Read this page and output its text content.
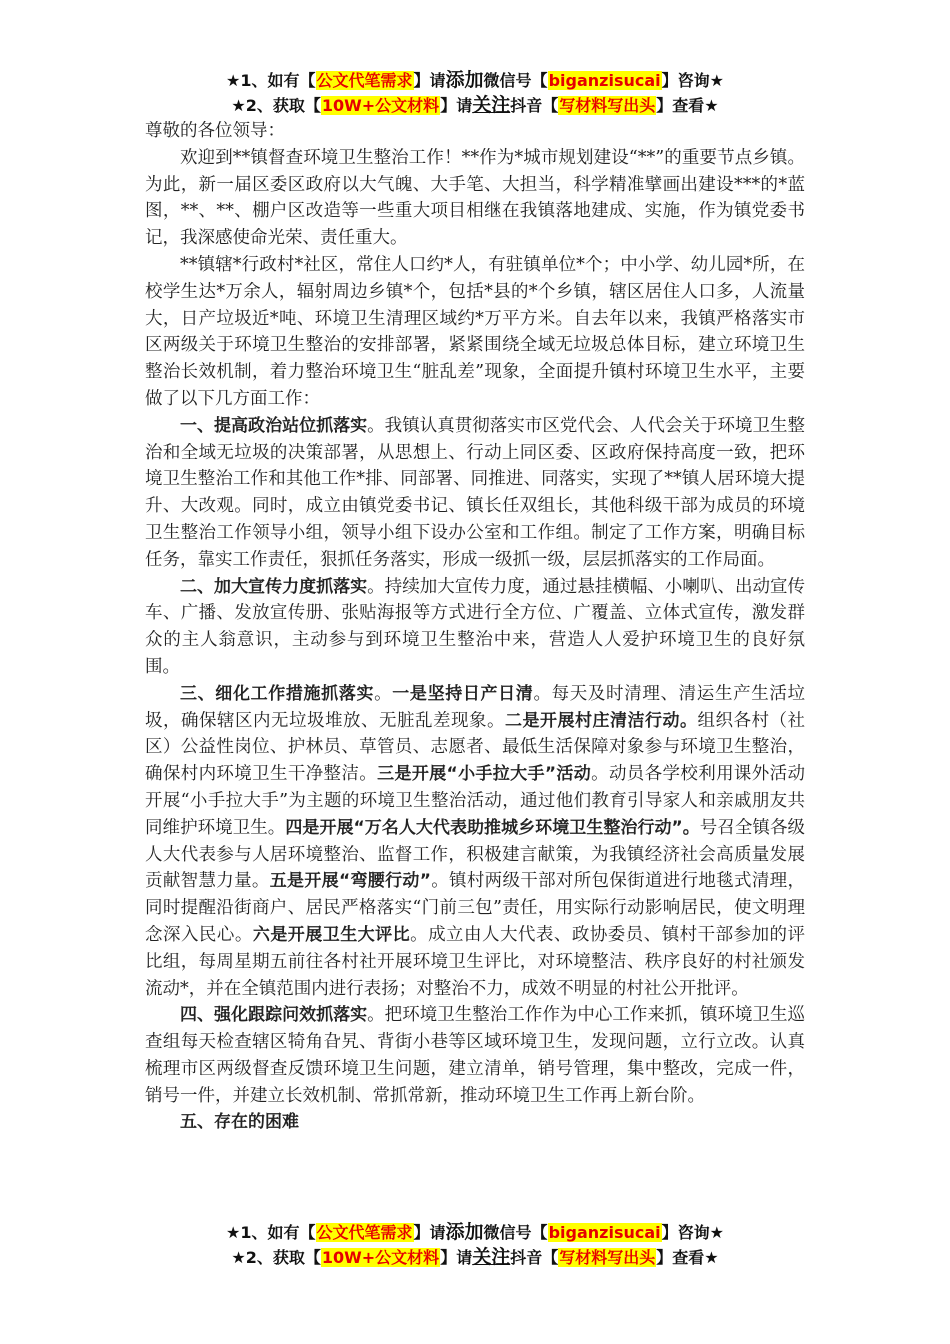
★1、如有【公文代笔需求】请添加微信号【biganzisucai】咨询★
★2、获取【10W+公文材料】请关注抖音【写材料写出头】查看★

尊敬的各位领导：

欢迎到**镇督查环境卫生整治工作！**作为*城市规划建设“**”的重要节点乡镇。为此，新一届区委区政府以大气魄、大手笔、大担当，科学精准擘画出建设***的*蓝图，**、**、棚户区改造等一些重大项目相继在我镇落地建成、实施，作为镇党委书记，我深感使命光荣、责任重大。

**镇辖*行政村*社区，常住人口约*人，有驻镇单位*个；中小学、幼儿园*所，在校学生达*万余人，辐射周边乡镇*个，包括*县的*个乡镇，辖区居住人口多，人流量大，日产垃圾近*吨、环境卫生清理区域约*万平方米。自去年以来，我镇严格落实市区两级关于环境卫生整治的安排部署，紧紧围绕全域无垃圾总体目标，建立环境卫生整治长效机制，着力整治环境卫生“脏乱差”现象，全面提升镇村环境卫生水平，主要做了以下几方面工作：

一、提高政治站位抓落实。我镇认真贯彻落实市区党代会、人代会关于环境卫生整治和全域无垃圾的决策部署，从思想上、行动上同区委、区政府保持高度一致，把环境卫生整治工作和其他工作*排、同部署、同推进、同落实，实现了**镇人居环境大提升、大改观。同时，成立由镇党委书记、镇长任双组长，其他科级干部为成员的环境卫生整治工作领导小组，领导小组下设办公室和工作组。制定了工作方案，明确目标任务，靠实工作责任，狠抓任务落实，形成一级抓一级，层层抓落实的工作局面。

二、加大宣传力度抓落实。持续加大宣传力度，通过悬挂横幅、小喇叭、出动宣传车、广播、发放宣传册、张贴海报等方式进行全方位、广覆盖、立体式宣传，激发群众的主人翁意识，主动参与到环境卫生整治中来，营造人人爱护环境卫生的良好氛围。

三、细化工作措施抓落实。一是坚持日产日清。每天及时清理、清运生产生活垃圾，确保辖区内无垃圾堆放、无脏乱差现象。二是开展村庄清洁行动。组织各村（社区）公益性岗位、护林员、草管员、志愿者、最低生活保障对象参与环境卫生整治，确保村内环境卫生干净整洁。三是开展“小手拉大手”活动。动员各学校利用课外活动开展“小手拉大手”为主题的环境卫生整治活动，通过他们教育引导家人和亲戚朋友共同维护环境卫生。四是开展“万名人大代表助推城乡环境卫生整治行动”。号召全镇各级人大代表参与人居环境整治、监督工作，积极建言献策，为我镇经济社会高质量发展贡献智慧力量。五是开展“弯腰行动”。镇村两级干部对所包保街道进行地毯式清理，同时提醒沿街商户、居民严格落实“门前三包”责任，用实际行动影响居民，使文明理念深入民心。六是开展卫生大评比。成立由人大代表、政协委员、镇村干部参加的评比组，每周星期五前往各村社开展环境卫生评比，对环境整洁、秩序良好的村社颁发流动*，并在全镇范围内进行表扬；对整治不力，成效不明显的村社公开批评。

四、强化跟踪问效抓落实。把环境卫生整治工作作为中心工作来抓，镇环境卫生巡查组每天检查辖区犄角旮旯、背街小巷等区域环境卫生，发现问题，立行立改。认真梳理市区两级督查反馈环境卫生问题，建立清单，销号管理，集中整改，完成一件，销号一件，并建立长效机制、常抓常新，推动环境卫生工作再上新台阶。

五、存在的困难

★1、如有【公文代笔需求】请添加微信号【biganzisucai】咨询★
★2、获取【10W+公文材料】请关注抖音【写材料写出头】查看★
